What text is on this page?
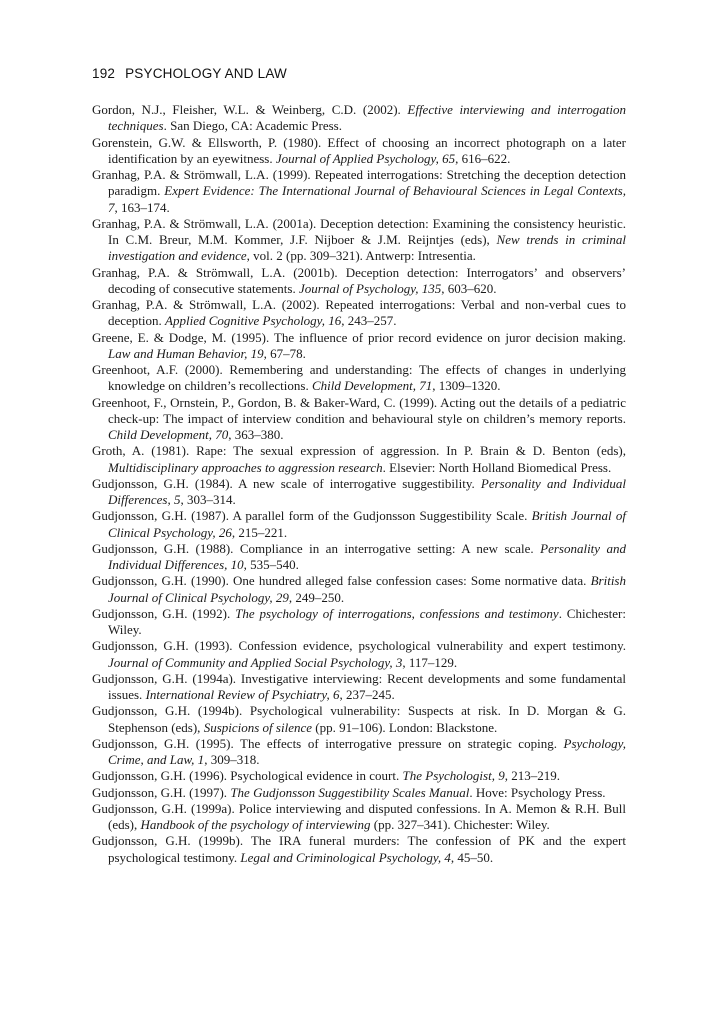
192 PSYCHOLOGY AND LAW

Gordon, N.J., Fleisher, W.L. & Weinberg, C.D. (2002). Effective interviewing and interrogation techniques. San Diego, CA: Academic Press.

Gorenstein, G.W. & Ellsworth, P. (1980). Effect of choosing an incorrect photograph on a later identification by an eyewitness. Journal of Applied Psychology, 65, 616–622.

Granhag, P.A. & Strömwall, L.A. (1999). Repeated interrogations: Stretching the deception detection paradigm. Expert Evidence: The International Journal of Behavioural Sciences in Legal Contexts, 7, 163–174.

Granhag, P.A. & Strömwall, L.A. (2001a). Deception detection: Examining the consistency heuristic. In C.M. Breur, M.M. Kommer, J.F. Nijboer & J.M. Reijntjes (eds), New trends in criminal investigation and evidence, vol. 2 (pp. 309–321). Antwerp: Intresentia.

Granhag, P.A. & Strömwall, L.A. (2001b). Deception detection: Interrogators’ and observers’ decoding of consecutive statements. Journal of Psychology, 135, 603–620.

Granhag, P.A. & Strömwall, L.A. (2002). Repeated interrogations: Verbal and non-verbal cues to deception. Applied Cognitive Psychology, 16, 243–257.

Greene, E. & Dodge, M. (1995). The influence of prior record evidence on juror decision making. Law and Human Behavior, 19, 67–78.

Greenhoot, A.F. (2000). Remembering and understanding: The effects of changes in underlying knowledge on children’s recollections. Child Development, 71, 1309–1320.

Greenhoot, F., Ornstein, P., Gordon, B. & Baker-Ward, C. (1999). Acting out the details of a pediatric check-up: The impact of interview condition and behavioural style on children’s memory reports. Child Development, 70, 363–380.

Groth, A. (1981). Rape: The sexual expression of aggression. In P. Brain & D. Benton (eds), Multidisciplinary approaches to aggression research. Elsevier: North Holland Biomedical Press.

Gudjonsson, G.H. (1984). A new scale of interrogative suggestibility. Personality and Individual Differences, 5, 303–314.

Gudjonsson, G.H. (1987). A parallel form of the Gudjonsson Suggestibility Scale. British Journal of Clinical Psychology, 26, 215–221.

Gudjonsson, G.H. (1988). Compliance in an interrogative setting: A new scale. Personality and Individual Differences, 10, 535–540.

Gudjonsson, G.H. (1990). One hundred alleged false confession cases: Some normative data. British Journal of Clinical Psychology, 29, 249–250.

Gudjonsson, G.H. (1992). The psychology of interrogations, confessions and testimony. Chichester: Wiley.

Gudjonsson, G.H. (1993). Confession evidence, psychological vulnerability and expert testimony. Journal of Community and Applied Social Psychology, 3, 117–129.

Gudjonsson, G.H. (1994a). Investigative interviewing: Recent developments and some fundamental issues. International Review of Psychiatry, 6, 237–245.

Gudjonsson, G.H. (1994b). Psychological vulnerability: Suspects at risk. In D. Morgan & G. Stephenson (eds), Suspicions of silence (pp. 91–106). London: Blackstone.

Gudjonsson, G.H. (1995). The effects of interrogative pressure on strategic coping. Psychology, Crime, and Law, 1, 309–318.

Gudjonsson, G.H. (1996). Psychological evidence in court. The Psychologist, 9, 213–219.

Gudjonsson, G.H. (1997). The Gudjonsson Suggestibility Scales Manual. Hove: Psychology Press.

Gudjonsson, G.H. (1999a). Police interviewing and disputed confessions. In A. Memon & R.H. Bull (eds), Handbook of the psychology of interviewing (pp. 327–341). Chichester: Wiley.

Gudjonsson, G.H. (1999b). The IRA funeral murders: The confession of PK and the expert psychological testimony. Legal and Criminological Psychology, 4, 45–50.
